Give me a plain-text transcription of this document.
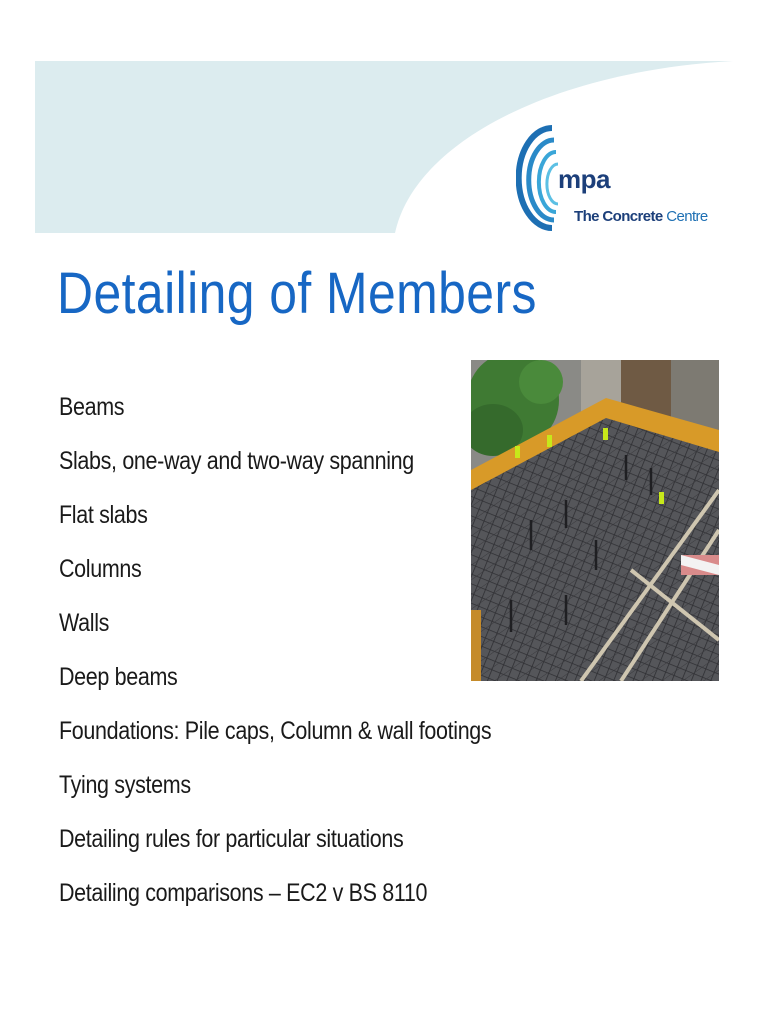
mpa
The Concrete Centre
Detailing of Members
Beams
Slabs, one-way and two-way spanning
Flat slabs
Columns
Walls
Deep beams
Foundations: Pile caps, Column & wall footings
Tying systems
Detailing rules for particular situations
Detailing comparisons – EC2 v BS 8110
